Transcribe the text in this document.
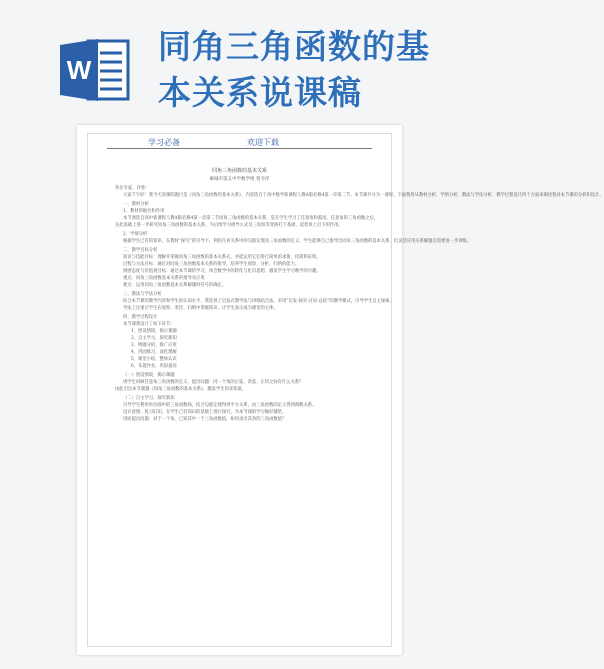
W
同角三角函数的基
本关系说课稿
学习必备	欢迎下载
同角三角函数的基本关系
麻城市第五中学数学组 曾令洋

各位专家、评委：

大家下午好！我今天说课的题目是《同角三角函数的基本关系》，内容选自于高中数学新课程人教A版必修4第一章第二节。本节课共分为一课时。下面我将从教材分析、学情分析、教法与学法分析、教学过程设计四个方面来阐述我对本节课的分析和设计。

一、教材分析

1、教材的地位和作用

本节课选自高中新课程人教A版必修4第一章第二节同角三角函数的基本关系，是在学生学习了任意角和弧度、任意角的三角函数之后，

在此基础上进一步研究同角三角函数的基本关系，为后续学习诱导公式及三角恒等变换打下基础，起着承上启下的作用。

2、学情分析

根据学生已有的知识，在教材“探究”的引导下，利用几何关系中的勾股定理及三角函数的定义，学生能够自己推导出同角三角函数的基本关系，但灵活应用关系解题还需要进一步训练。

二、教学目标分析

知识与技能目标：理解并掌握同角三角函数的基本关系式，并能运用它们进行简单的求值、化简和证明。

过程与方法目标：通过对同角三角函数基本关系的推导，培养学生观察、分析、归纳的能力。

情感态度与价值观目标：通过本节课的学习，体会数学中的转化与化归思想，激发学生学习数学的兴趣。

重点：同角三角函数基本关系的推导及应用

难点：运用同角三角函数基本关系解题时符号的确定。

三、教法与学法分析

结合本节课的教学内容和学生的认知水平，我选择了启发式教学法与讲练结合法，采用“启发-探究-讨论-总结”的教学模式，引导学生自主探索。

学法上注重让学生在观察、类比、归纳中掌握知识，让学生真正成为课堂的主体。

四、教学过程设计

本节课我设计了如下环节：

1、创设情境，揭示课题

2、自主学习，探究新知

3、例题分析，推广应用

4、巩固练习，深化理解

5、课堂小结，整体认识

6、布置作业，巩固提高

（一）创设情境，揭示课题

请学生回顾任意角三角函数的定义，提出问题：同一个角的正弦、余弦、正切之间有什么关系？

由此引出本节课题《同角三角函数的基本关系》，激发学生的求知欲。

（二）自主学习，探究新知

引导学生利用单位圆中的三角函数线，结合勾股定理得到平方关系，由三角函数的定义得到商数关系。

设计意图：复习旧知，在学生已有知识的基础上进行探究，为本节课的学习做好铺垫。

进而提出问题：对于一个角，已知其中一个三角函数值，如何求出其余的三角函数值？
